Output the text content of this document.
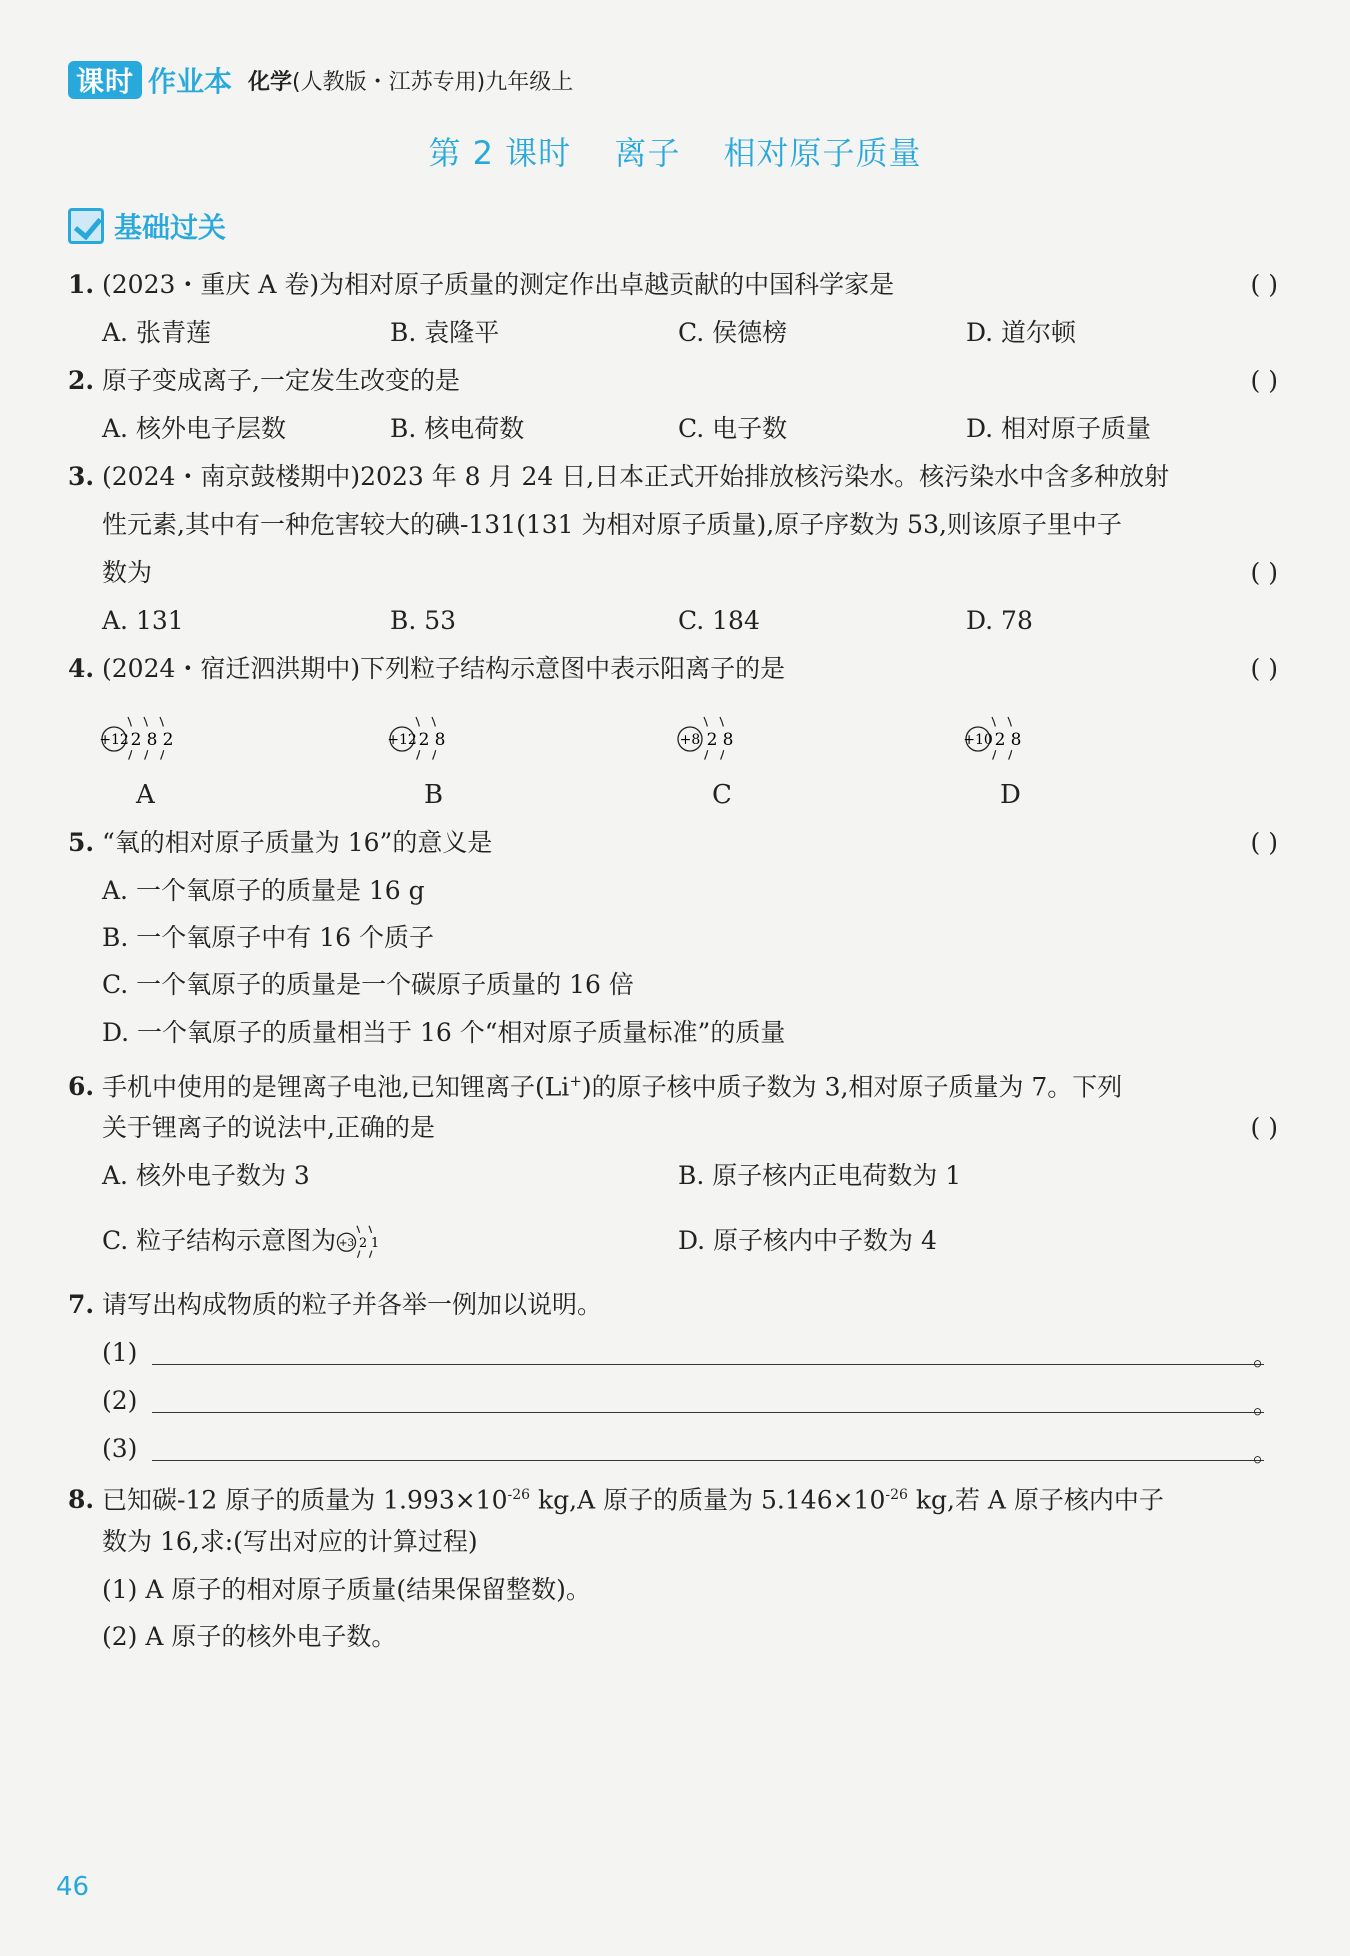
课时 作业本 化学(人教版・江苏专用)九年级上
第 2 课时 离子 相对原子质量
基础过关
1. (2023・重庆 A 卷)为相对原子质量的测定作出卓越贡献的中国科学家是	( )
A. 张青莲	B. 袁隆平	C. 侯德榜	D. 道尔顿
2. 原子变成离子,一定发生改变的是	( )
A. 核外电子层数	B. 核电荷数	C. 电子数	D. 相对原子质量
3. (2024・南京鼓楼期中)2023 年 8 月 24 日,日本正式开始排放核污染水。核污染水中含多种放射
性元素,其中有一种危害较大的碘-131(131 为相对原子质量),原子序数为 53,则该原子里中子
数为	( )
A. 131	B. 53	C. 184	D. 78
4. (2024・宿迁泗洪期中)下列粒子结构示意图中表示阳离子的是	( )
+12 2 8 2
A
+12 2 8
B
+8 2 8
C
+10 2 8
D
5. “氧的相对原子质量为 16”的意义是	( )
A. 一个氧原子的质量是 16 g
B. 一个氧原子中有 16 个质子
C. 一个氧原子的质量是一个碳原子质量的 16 倍
D. 一个氧原子的质量相当于 16 个“相对原子质量标准”的质量
6. 手机中使用的是锂离子电池,已知锂离子(Li+)的原子核中质子数为 3,相对原子质量为 7。下列
关于锂离子的说法中,正确的是	( )
A. 核外电子数为 3	B. 原子核内正电荷数为 1
C. 粒子结构示意图为 +3 2 1	D. 原子核内中子数为 4
7. 请写出构成物质的粒子并各举一例加以说明。
(1)	。
(2)	。
(3)	。
8. 已知碳-12 原子的质量为 $1.993\times 10^{-26}$ kg,A 原子的质量为 $5.146\times 10^{-26}$ kg,若 A 原子核内中子
数为 16,求:(写出对应的计算过程)
(1) A 原子的相对原子质量(结果保留整数)。
(2) A 原子的核外电子数。
46
